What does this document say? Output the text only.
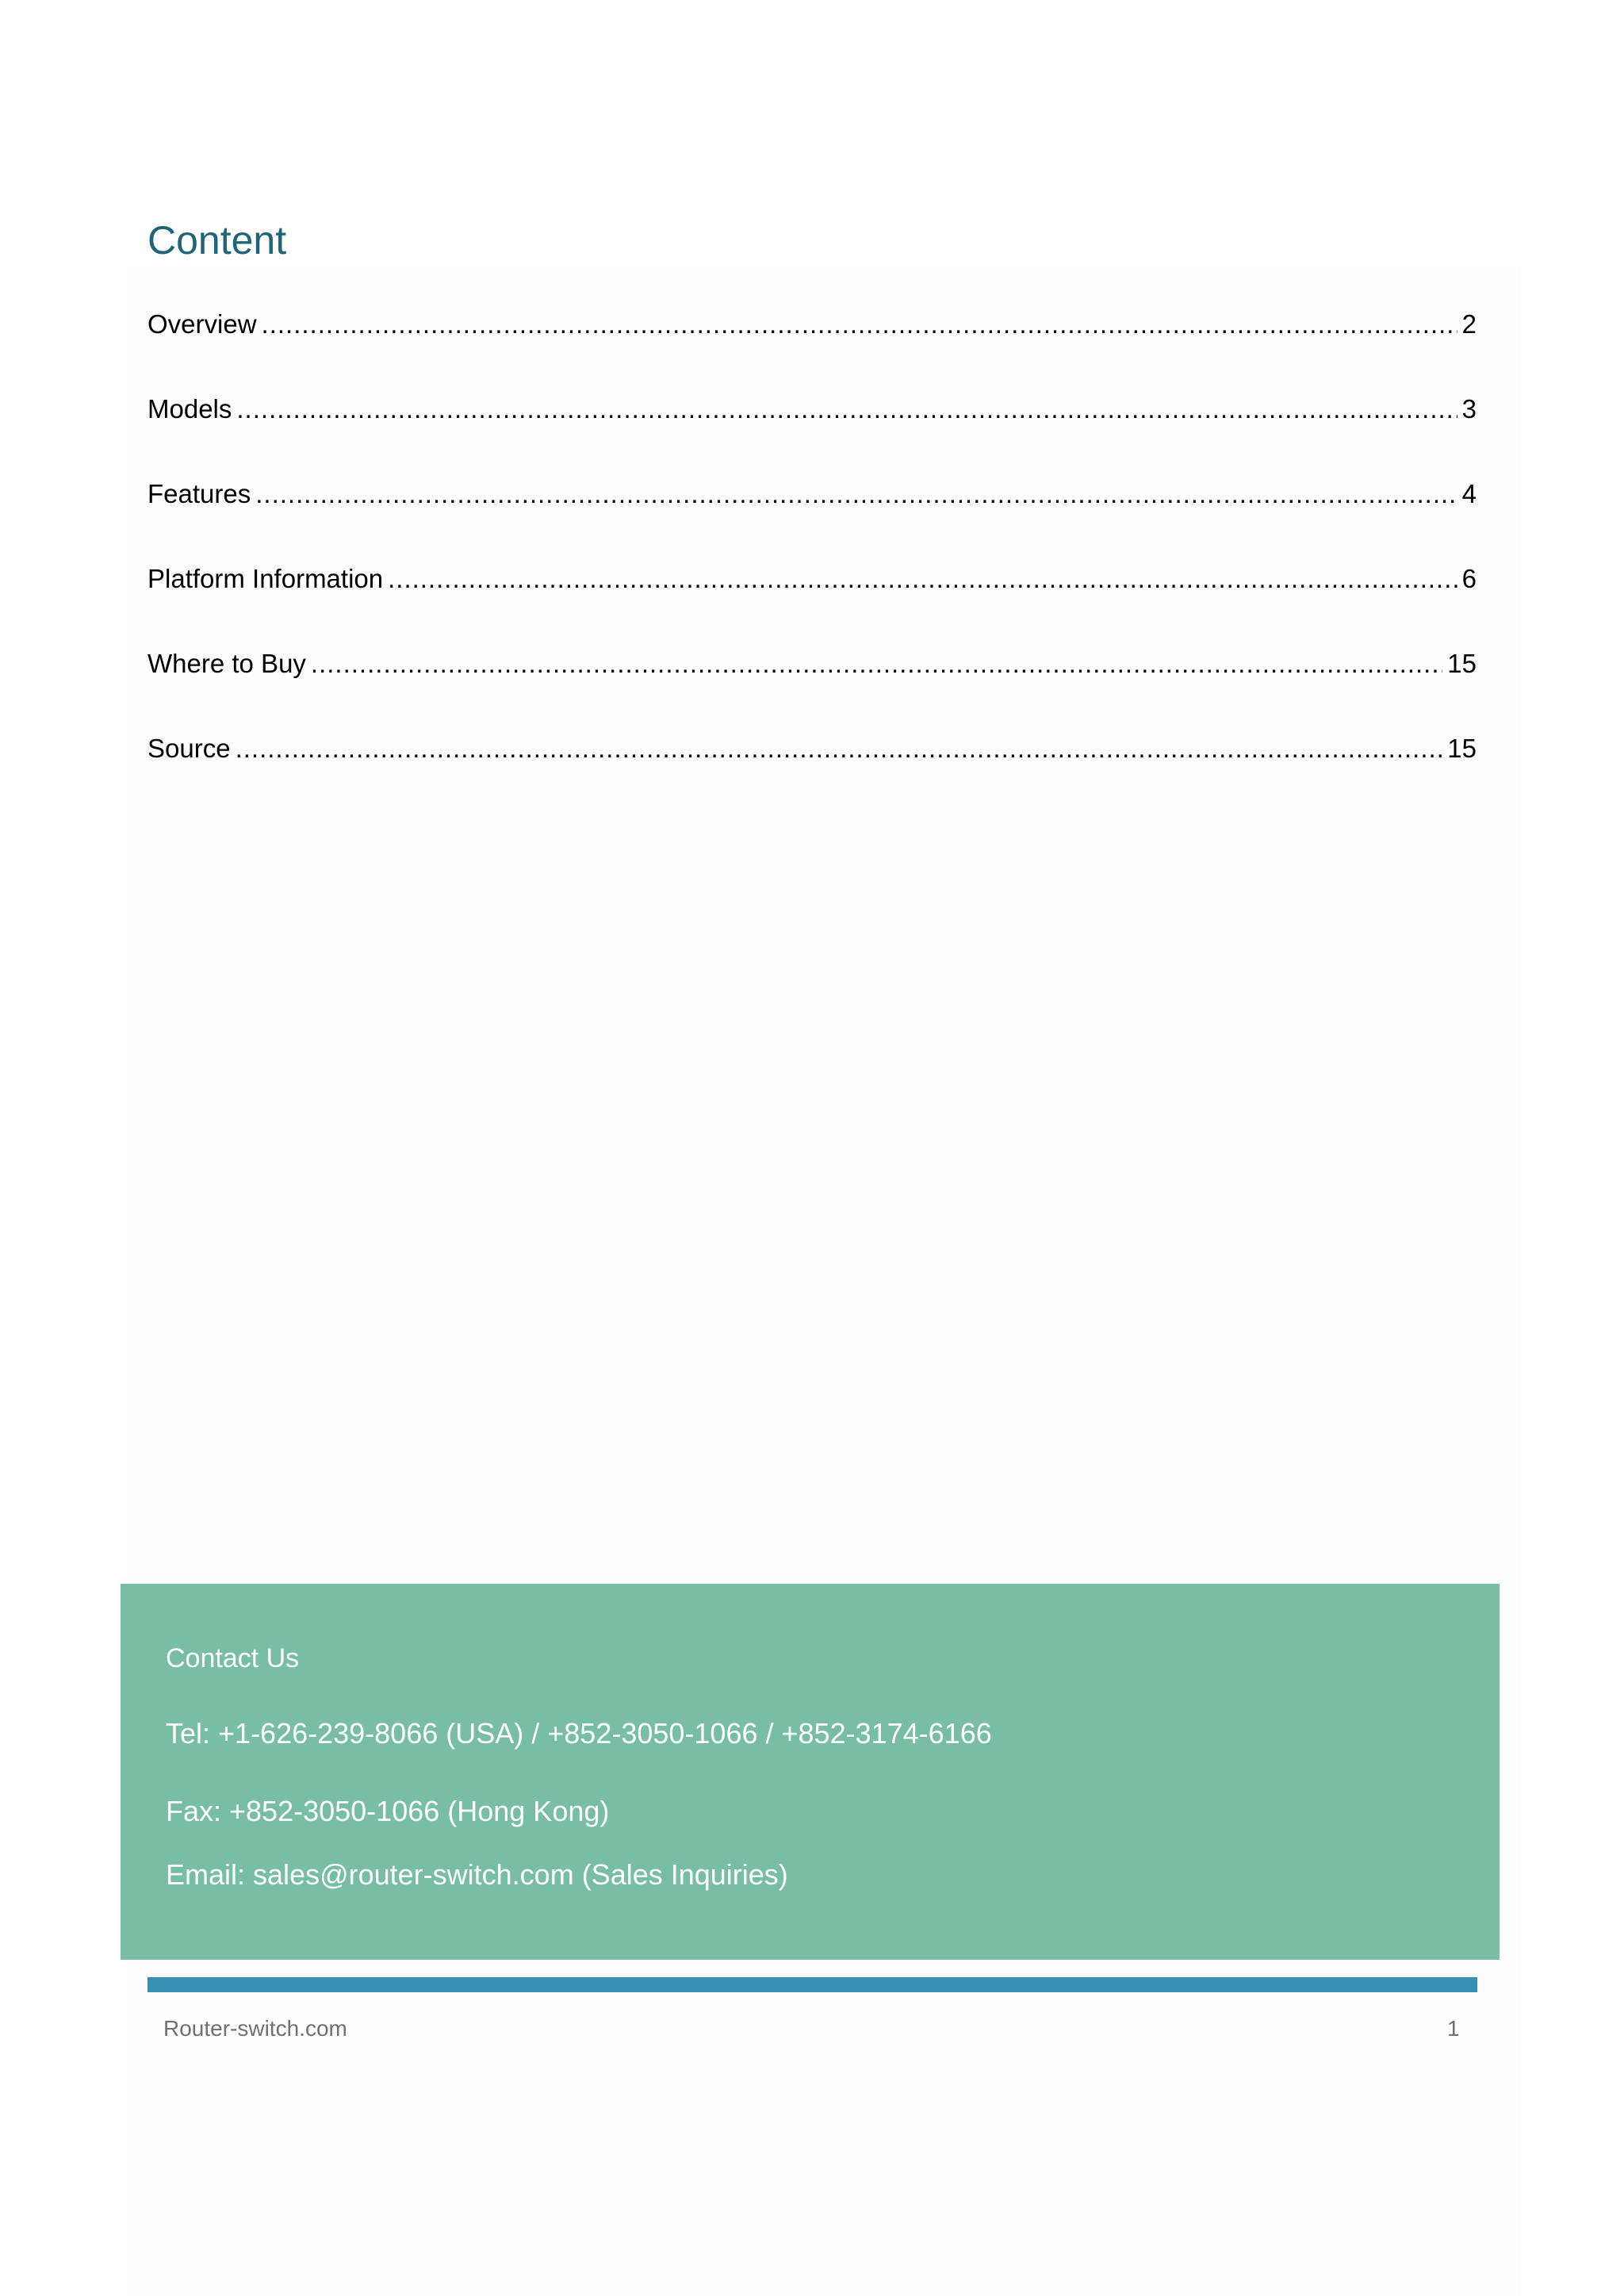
Content
Overview .....	2
Models .....	3
Features .....	4
Platform Information .....	6
Where to Buy .....	15
Source .....	15
Contact Us

Tel: +1-626-239-8066 (USA) / +852-3050-1066 / +852-3174-6166

Fax: +852-3050-1066 (Hong Kong)

Email: sales@router-switch.com (Sales Inquiries)

Router-switch.com	1
